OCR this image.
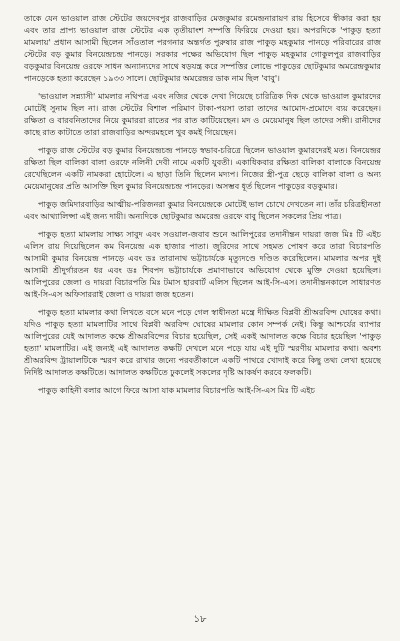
তাকে যেন ভাওয়াল রাজ স্টেটের জয়দেবপুর রাজবাড়ির মেজকুমার রমেন্দ্রনারায়ণ রায় হিসেবে স্বীকার করা হয় এবং তার প্রাপ্য ভাওয়াল রাজ স্টেটের এক তৃতীয়াংশ সম্পত্তি ফিরিয়ে দেওয়া হয়। অপরদিকে 'পাকুড় হত্যা মামলায়' প্রধান আসামী ছিলেন সাঁওতাল পরগনার অন্তর্গত পুরুষার রাজ পাকুড় মহকুমার পানড়ে পরিবারের রাজ স্টেটের বড় কুমার বিনয়েন্দ্রচন্দ্র পানড়ে। সরকার পক্ষের অভিযোগ ছিল পাকুড় মহকুমার গোকুলপুর রাজবাড়ির বড়কুমার বিনয়েন্দ্র ওরফে সাধন অন্যান্যদের সাথে ষড়যন্ত্র করে সম্পত্তির লোভে পাকুড়ের ছোটকুমার অমরেন্দ্রকুমার পানড়েকে হত্যা করেছেন ১৯৩৩ সালে। ছোটকুমার অমরেন্দ্রর ডাক নাম ছিল 'বাবু'।

'ভাওয়াল সন্ন্যাসী' মামলার নথিপত্র এবং নজির থেকে দেখা গিয়েছে চারিত্রিক দিক থেকে ভাওয়াল কুমারদের মোটেই সুনাম ছিল না। রাজ স্টেটের বিশাল পরিমাণ টাকা-পয়সা তারা তাদের আমোদ-প্রমোদে ব্যয় করেছেন। রক্ষিতা ও বারবনিতাদের নিয়ে কুমাররা রাতের পর রাত কাটিয়েছেন। মদ ও মেয়েমানুষ ছিল তাদের সঙ্গী। রানীদের কাছে রাত কাটাতে তারা রাজবাড়ির অন্দরমহলে খুব কমই গিয়েছেন।

পাকুড় রাজ স্টেটের বড় কুমার বিনয়েন্দ্রচন্দ্র পানড়ে স্বভাব-চরিত্রে ছিলেন ভাওয়াল কুমারদেরই মত। বিনয়েন্দ্রর রক্ষিতা ছিল বালিকা বালা ওরফে নলিনী দেবী নামে একটি যুবতী। একাধিকবার রক্ষিতা বালিকা বালাকে বিনয়েন্দ্র রেখেছিলেন একটি নামকরা হোটেলে। এ ছাড়া তিনি ছিলেন মদ্যপ। নিজের স্ত্রী-পুত্র ছেড়ে বালিকা বালা ও অন্য মেয়েমানুষের প্রতি আসক্তি ছিল কুমার বিনয়েন্দ্রচন্দ্র পানড়ের। অসম্ভব ধূর্ত ছিলেন পাকুড়ের বড়কুমার।

পাকুড় জমিদারবাড়ির আত্মীয়-পরিজনরা কুমার বিনয়েন্দ্রকে মোটেই ভাল চোখে দেখতেন না। তাঁর চরিত্রহীনতা এবং আথ্যালিপ্সা এই জন্য দায়ী। অন্যদিকে ছোটকুমার অমরেন্দ্র ওরফে বাবু ছিলেন সকলের প্রিয় পাত্র।

পাকুড় হত্যা মামলায় সাক্ষ্য সাবুদ এবং সওয়াল-জবাব শুনে আলিপুরের তদানীন্তন দায়রা জজ মিঃ টি এইচ এলিস রায় দিয়েছিলেন কম বিনয়েন্দ্র এক হাজার পাতা। জুরিদের সাথে সহমত পোষণ করে তারা বিচারপতি আসামী কুমার বিনয়েন্দ্র পানড়ে এবং ডঃ তারানাথ ভট্টাচার্যকে মৃত্যুদণ্ডে দণ্ডিত করেছিলেন। মামলার অপর দুই আসামী শ্রীদুর্গারতন ধর এবং ডঃ শিবপদ ভট্টাচার্যকে প্রমাণাভাবে অভিযোগ থেকে মুক্তি দেওয়া হয়েছিল। আলিপুরের জেলা ও দায়রা বিচারপতি মিঃ টমাস হারবার্ট এলিস ছিলেন আই-সি-এস। তদানীন্তনকালে সাধারণত আই-সি-এস অফিসাররাই জেলা ও দায়রা জজ হতেন।

পাকুড় হত্যা মামলার কথা লিখতে বসে মনে পড়ে গেল স্বাধীনতা মন্ত্রে দীক্ষিত বিপ্লবী শ্রীঅরবিন্দ ঘোষের কথা। যদিও পাকুড় হত্যা মামলাটির সাথে বিপ্লবী অরবিন্দ ঘোষের মামলার কোন সম্পর্ক নেই। কিন্তু আশ্চর্যের ব্যাপার আলিপুরের যেই আদালত কক্ষে শ্রীঅরবিন্দের বিচার হয়েছিল, সেই একই আদালত কক্ষে বিচার হয়েছিল 'পাকুড় হত্যা' মামলাটির। এই জন্যই এই আদালত কক্ষটি দেখলে মনে পড়ে যায় এই দুটি স্মরণীয় মামলার কথা। অবশ্য শ্রীঅরবিন্দ ট্রায়ালটিকে স্মরণ করে রাখার জন্যে পরবর্তীকালে একটি পাথরে খোদাই করে কিছু তথ্য লেখা হয়েছে নির্দিষ্ট আদালত কক্ষটিতে। আদালত কক্ষটিতে ঢুকলেই সকলের দৃষ্টি আকর্ষণ করবে ফলকটি।

পাকুড় কাহিনী বলার আগে ফিরে আসা যাক মামলার বিচারপতি আই-সি-এস মিঃ টি এইচ

১৮
